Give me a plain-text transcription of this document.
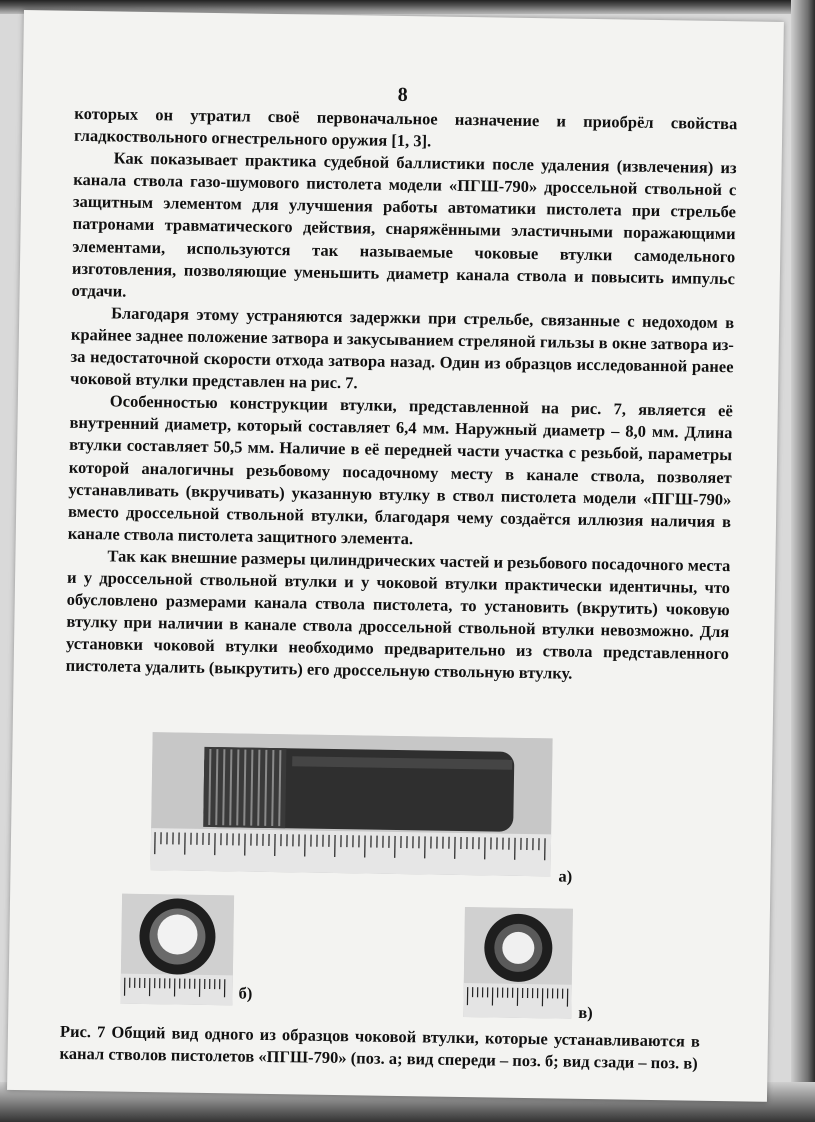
8

которых он утратил своё первоначальное назначение и приобрёл свойства гладкоствольного огнестрельного оружия [1, 3].

Как показывает практика судебной баллистики после удаления (извлечения) из канала ствола газо-шумового пистолета модели «ПГШ-790» дроссельной ствольной с защитным элементом для улучшения работы автоматики пистолета при стрельбе патронами травматического действия, снаряжёнными эластичными поражающими элементами, используются так называемые чоковые втулки самодельного изготовления, позволяющие уменьшить диаметр канала ствола и повысить импульс отдачи.

Благодаря этому устраняются задержки при стрельбе, связанные с недоходом в крайнее заднее положение затвора и закусыванием стреляной гильзы в окне затвора из-за недостаточной скорости отхода затвора назад. Один из образцов исследованной ранее чоковой втулки представлен на рис. 7.

Особенностью конструкции втулки, представленной на рис. 7, является её внутренний диаметр, который составляет 6,4 мм. Наружный диаметр – 8,0 мм. Длина втулки составляет 50,5 мм. Наличие в её передней части участка с резьбой, параметры которой аналогичны резьбовому посадочному месту в канале ствола, позволяет устанавливать (вкручивать) указанную втулку в ствол пистолета модели «ПГШ-790» вместо дроссельной ствольной втулки, благодаря чему создаётся иллюзия наличия в канале ствола пистолета защитного элемента.

Так как внешние размеры цилиндрических частей и резьбового посадочного места и у дроссельной ствольной втулки и у чоковой втулки практически идентичны, что обусловлено размерами канала ствола пистолета, то установить (вкрутить) чоковую втулку при наличии в канале ствола дроссельной ствольной втулки невозможно. Для установки чоковой втулки необходимо предварительно из ствола представленного пистолета удалить (выкрутить) его дроссельную ствольную втулку.

а)
б)
в)
Рис. 7 Общий вид одного из образцов чоковой втулки, которые устанавливаются в канал стволов пистолетов «ПГШ-790» (поз. а; вид спереди – поз. б; вид сзади – поз. в)
